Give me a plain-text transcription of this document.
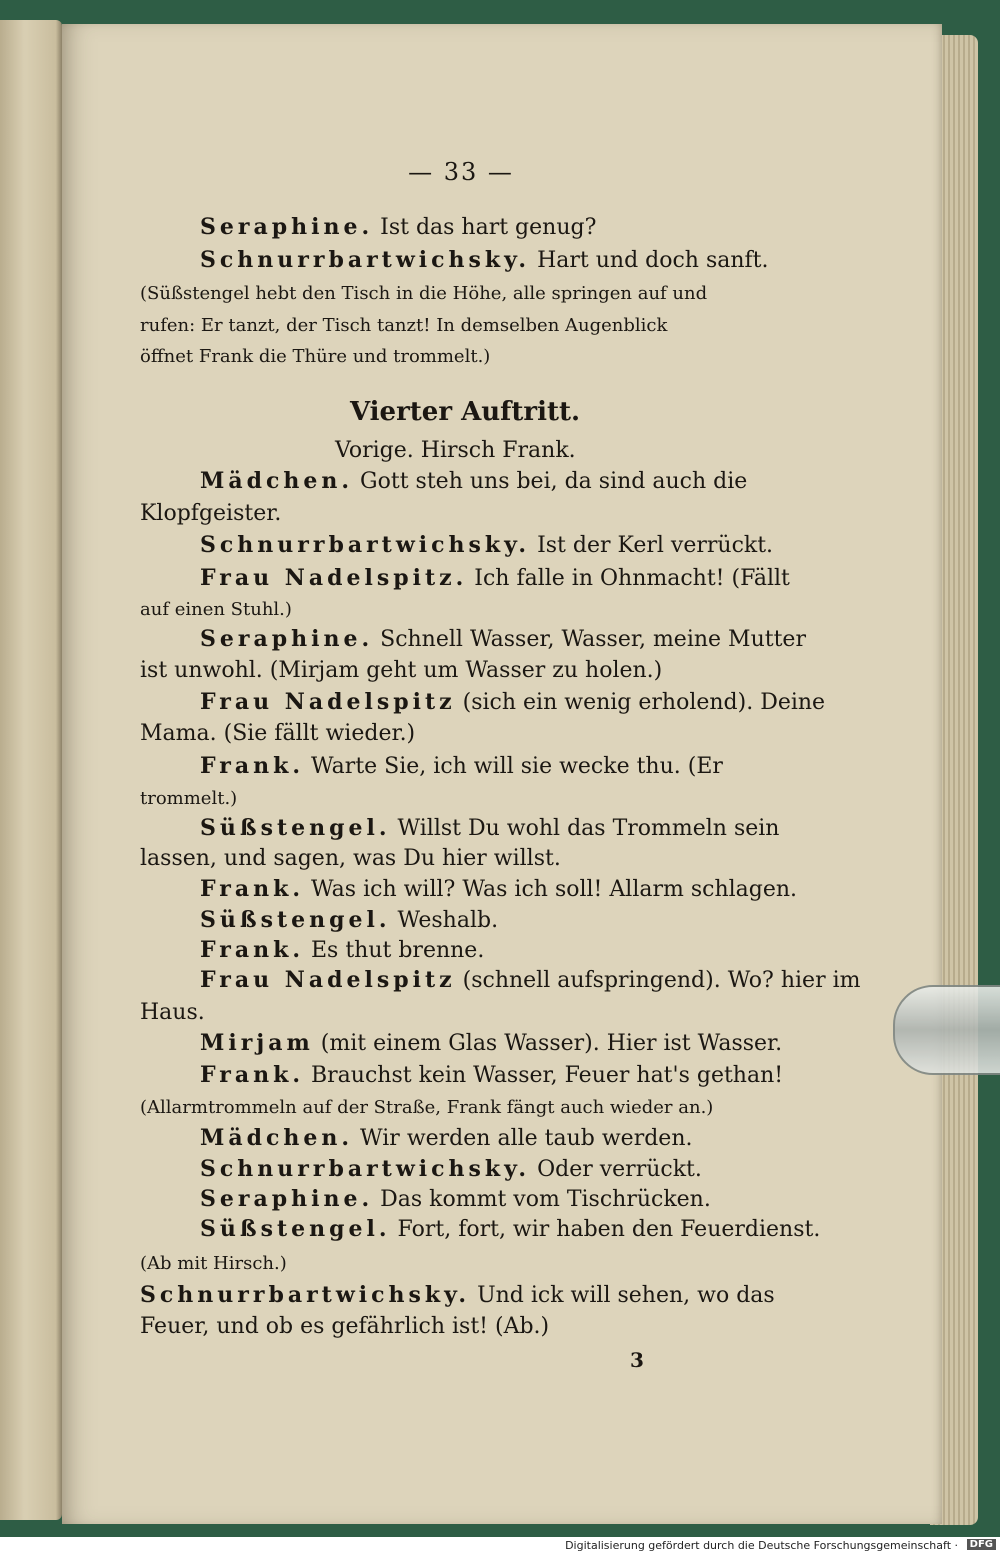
— 33 —
Seraphine. Ist das hart genug?
Schnurrbartwichsky. Hart und doch sanft.
(Süßstengel hebt den Tisch in die Höhe, alle springen auf und
rufen: Er tanzt, der Tisch tanzt! In demselben Augenblick
öffnet Frank die Thüre und trommelt.)
Vierter Auftritt.
Vorige. Hirsch Frank.
Mädchen. Gott steh uns bei, da sind auch die
Klopfgeister.
Schnurrbartwichsky. Ist der Kerl verrückt.
Frau Nadelspitz. Ich falle in Ohnmacht! (Fällt
auf einen Stuhl.)
Seraphine. Schnell Wasser, Wasser, meine Mutter
ist unwohl. (Mirjam geht um Wasser zu holen.)
Frau Nadelspitz (sich ein wenig erholend). Deine
Mama. (Sie fällt wieder.)
Frank. Warte Sie, ich will sie wecke thu. (Er
trommelt.)
Süßstengel. Willst Du wohl das Trommeln sein
lassen, und sagen, was Du hier willst.
Frank. Was ich will? Was ich soll! Allarm schlagen.
Süßstengel. Weshalb.
Frank. Es thut brenne.
Frau Nadelspitz (schnell aufspringend). Wo? hier im
Haus.
Mirjam (mit einem Glas Wasser). Hier ist Wasser.
Frank. Brauchst kein Wasser, Feuer hat's gethan!
(Allarmtrommeln auf der Straße, Frank fängt auch wieder an.)
Mädchen. Wir werden alle taub werden.
Schnurrbartwichsky. Oder verrückt.
Seraphine. Das kommt vom Tischrücken.
Süßstengel. Fort, fort, wir haben den Feuerdienst.
(Ab mit Hirsch.)
Schnurrbartwichsky. Und ick will sehen, wo das
Feuer, und ob es gefährlich ist! (Ab.)
3
Digitalisierung gefördert durch die Deutsche Forschungsgemeinschaft ·	DFG
